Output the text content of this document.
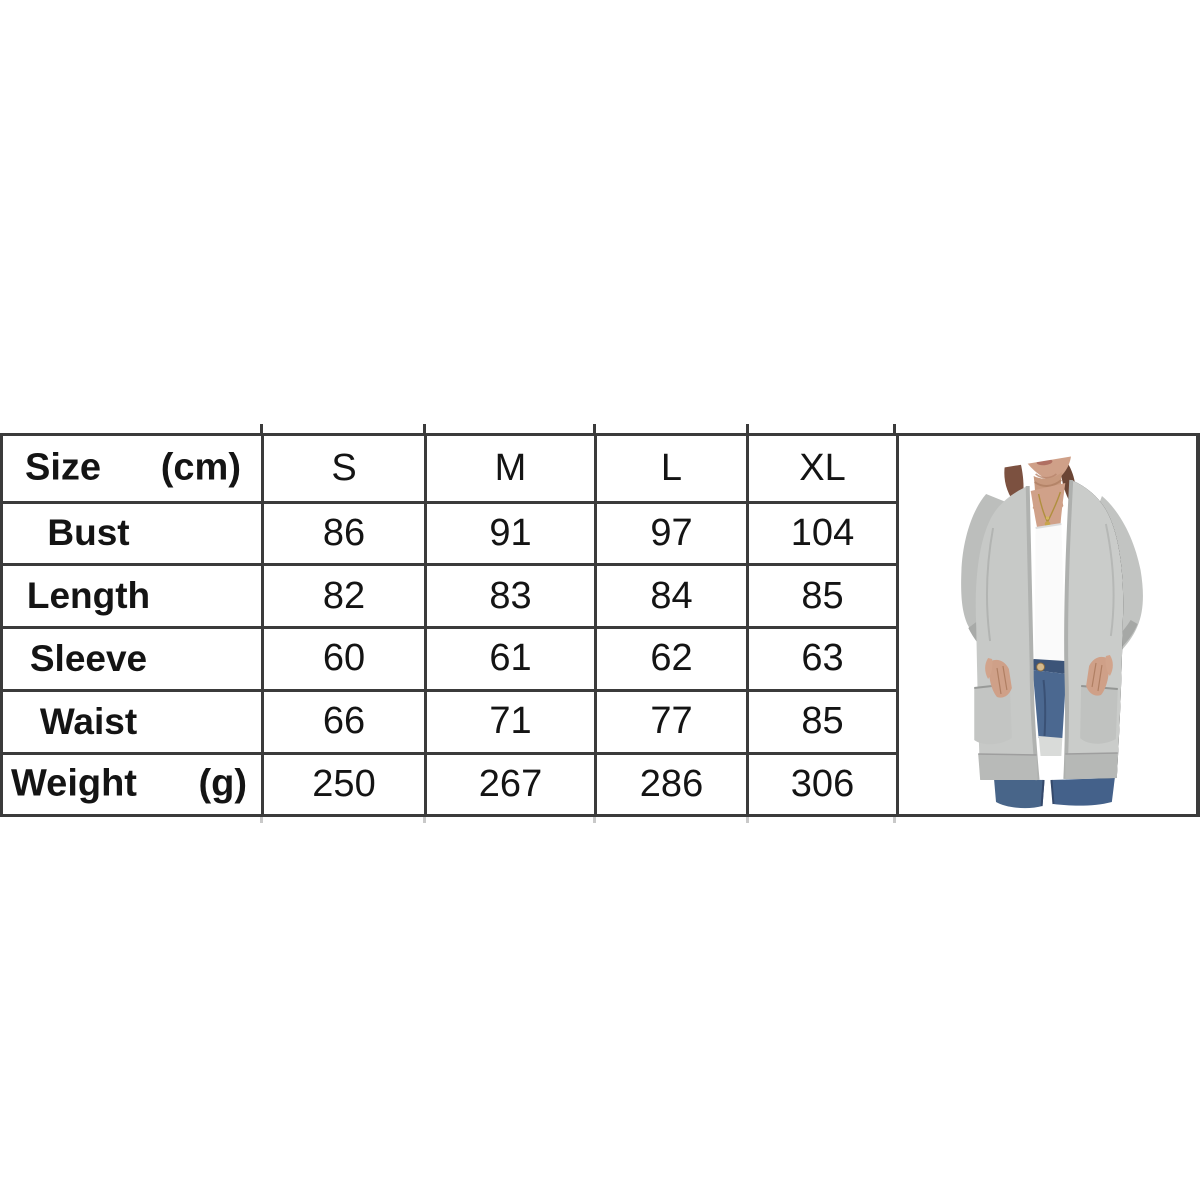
Size (cm)	S	M	L	XL
Bust	86	91	97	104
Length	82	83	84	85
Sleeve	60	61	62	63
Waist	66	71	77	85

Weight (g)	250	267	286	306
